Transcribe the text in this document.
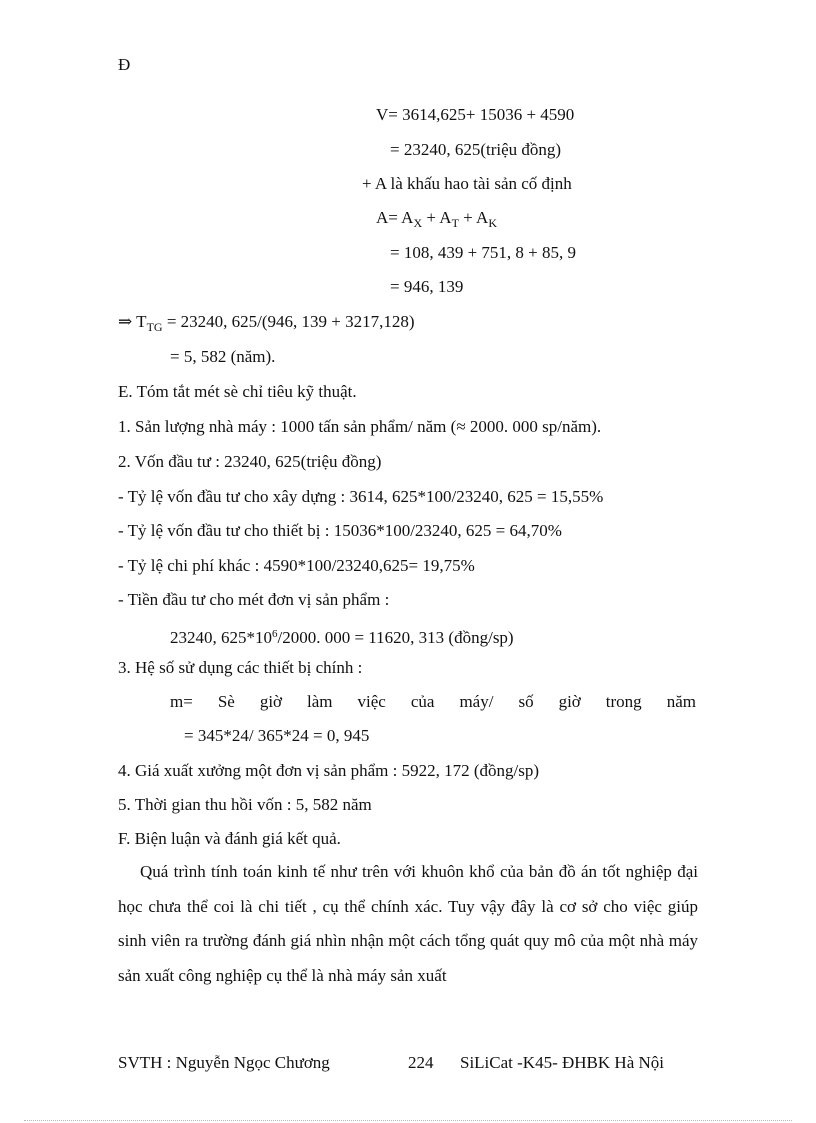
Đ
V= 3614,625+ 15036 + 4590
= 23240, 625(triệu đồng)
+ A là khấu hao tài sản cố định
$A= A_X + A_T + A_K$
= 108, 439 + 751, 8 + 85, 9
= 946, 139
⇒ $T_{TG} = 23240$, 625/(946, 139 + 3217,128)
= 5, 582 (năm).
E. Tóm tắt mét sè chỉ tiêu kỹ thuật.
1. Sản lượng nhà máy : 1000 tấn sản phẩm/ năm (≈ 2000. 000 sp/năm).
2. Vốn đầu tư : 23240, 625(triệu đồng)
- Tỷ lệ vốn đầu tư cho xây dựng : 3614, 625*100/23240, 625 = 15,55%
- Tỷ lệ vốn đầu tư cho thiết bị : 15036*100/23240, 625 = 64,70%
- Tỷ lệ chi phí khác : 4590*100/23240,625= 19,75%
- Tiền đầu tư cho mét đơn vị sản phẩm :
23240, $625*10^6/2000$. 000 = 11620, 313 (đồng/sp)
3. Hệ số sử dụng các thiết bị chính :
m= Sè giờ làm việc của máy/ số giờ trong năm
= 345*24/ 365*24 = 0, 945
4. Giá xuất xưởng một đơn vị sản phẩm : 5922, 172 (đồng/sp)
5. Thời gian thu hồi vốn : 5, 582 năm
F. Biện luận và đánh giá kết quả.
Quá trình tính toán kinh tế như trên với khuôn khổ của bản đồ án tốt nghiệp đại học chưa thể coi là chi tiết , cụ thể chính xác. Tuy vậy đây là cơ sở cho việc giúp sinh viên ra trường đánh giá nhìn nhận một cách tổng quát quy mô của một nhà máy sản xuất công nghiệp cụ thể là nhà máy sản xuất
SVTH : Nguyễn Ngọc Chương	224 SiLiCat -K45- ĐHBK Hà Nội
